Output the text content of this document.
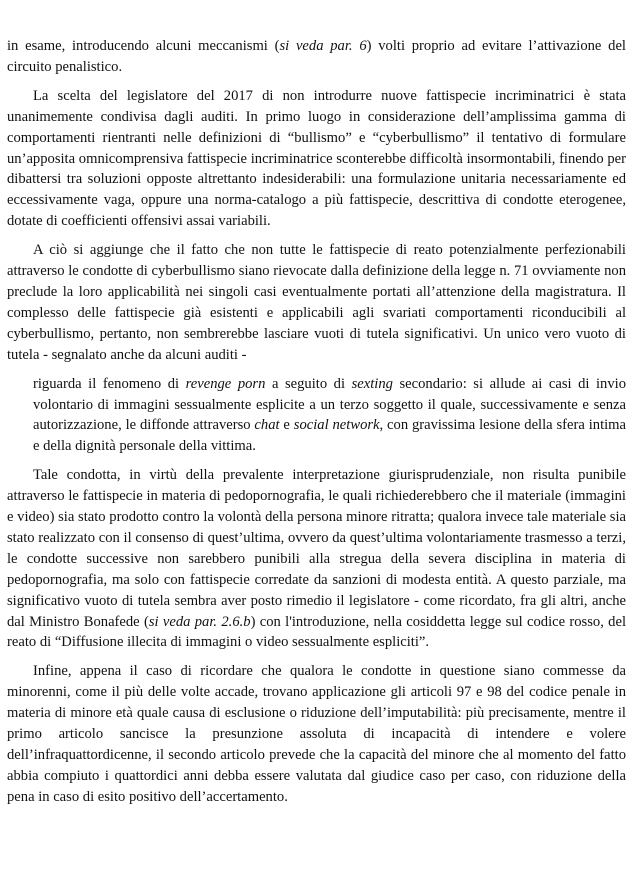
in esame, introducendo alcuni meccanismi (si veda par. 6) volti proprio ad evitare l’attivazione del circuito penalistico.

La scelta del legislatore del 2017 di non introdurre nuove fattispecie incriminatrici è stata unanimemente condivisa dagli auditi. In primo luogo in considerazione dell’amplissima gamma di comportamenti rientranti nelle definizioni di “bullismo” e “cyberbullismo” il tentativo di formulare un’apposita omnicomprensiva fattispecie incriminatrice sconterebbe difficoltà insormontabili, finendo per dibattersi tra soluzioni opposte altrettanto indesiderabili: una formulazione unitaria necessariamente ed eccessivamente vaga, oppure una norma-catalogo a più fattispecie, descrittiva di condotte eterogenee, dotate di coefficienti offensivi assai variabili.

A ciò si aggiunge che il fatto che non tutte le fattispecie di reato potenzialmente perfezionabili attraverso le condotte di cyberbullismo siano rievocate dalla definizione della legge n. 71 ovviamente non preclude la loro applicabilità nei singoli casi eventualmente portati all’attenzione della magistratura. Il complesso delle fattispecie già esistenti e applicabili agli svariati comportamenti riconducibili al cyberbullismo, pertanto, non sembrerebbe lasciare vuoti di tutela significativi. Un unico vero vuoto di tutela - segnalato anche da alcuni auditi -

riguarda il fenomeno di revenge porn a seguito di sexting secondario: si allude ai casi di invio volontario di immagini sessualmente esplicite a un terzo soggetto il quale, successivamente e senza autorizzazione, le diffonde attraverso chat e social network, con gravissima lesione della sfera intima e della dignità personale della vittima.

Tale condotta, in virtù della prevalente interpretazione giurisprudenziale, non risulta punibile attraverso le fattispecie in materia di pedopornografia, le quali richiederebbero che il materiale (immagini e video) sia stato prodotto contro la volontà della persona minore ritratta; qualora invece tale materiale sia stato realizzato con il consenso di quest’ultima, ovvero da quest’ultima volontariamente trasmesso a terzi, le condotte successive non sarebbero punibili alla stregua della severa disciplina in materia di pedopornografia, ma solo con fattispecie corredate da sanzioni di modesta entità. A questo parziale, ma significativo vuoto di tutela sembra aver posto rimedio il legislatore - come ricordato, fra gli altri, anche dal Ministro Bonafede (si veda par. 2.6.b) con l'introduzione, nella cosiddetta legge sul codice rosso, del reato di “Diffusione illecita di immagini o video sessualmente espliciti”.

Infine, appena il caso di ricordare che qualora le condotte in questione siano commesse da minorenni, come il più delle volte accade, trovano applicazione gli articoli 97 e 98 del codice penale in materia di minore età quale causa di esclusione o riduzione dell’imputabilità: più precisamente, mentre il primo articolo sancisce la presunzione assoluta di incapacità di intendere e volere dell’infraquattordicenne, il secondo articolo prevede che la capacità del minore che al momento del fatto abbia compiuto i quattordici anni debba essere valutata dal giudice caso per caso, con riduzione della pena in caso di esito positivo dell’accertamento.
